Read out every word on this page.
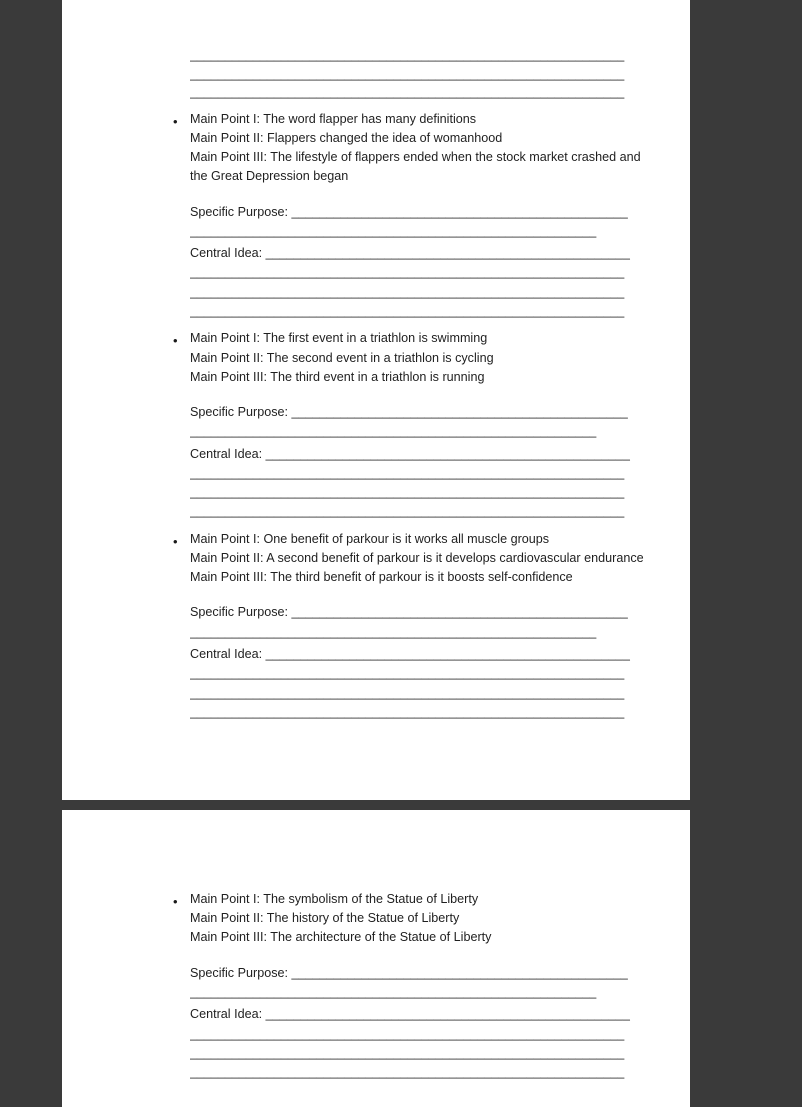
______________________________________________________________
______________________________________________________________
______________________________________________________________
• Main Point I: The word flapper has many definitions
Main Point II: Flappers changed the idea of womanhood
Main Point III: The lifestyle of flappers ended when the stock market crashed and the Great Depression began
Specific Purpose: ________________________________________________
__________________________________________________________
Central Idea: ____________________________________________________
______________________________________________________________
______________________________________________________________
______________________________________________________________
• Main Point I: The first event in a triathlon is swimming
Main Point II: The second event in a triathlon is cycling
Main Point III: The third event in a triathlon is running
Specific Purpose: ________________________________________________
__________________________________________________________
Central Idea: ____________________________________________________
______________________________________________________________
______________________________________________________________
______________________________________________________________
• Main Point I: One benefit of parkour is it works all muscle groups
Main Point II: A second benefit of parkour is it develops cardiovascular endurance
Main Point III: The third benefit of parkour is it boosts self-confidence
Specific Purpose: ________________________________________________
__________________________________________________________
Central Idea: ____________________________________________________
______________________________________________________________
______________________________________________________________
______________________________________________________________
• Main Point I: The symbolism of the Statue of Liberty
Main Point II: The history of the Statue of Liberty
Main Point III: The architecture of the Statue of Liberty
Specific Purpose: ________________________________________________
__________________________________________________________
Central Idea: ____________________________________________________
______________________________________________________________
______________________________________________________________
______________________________________________________________
